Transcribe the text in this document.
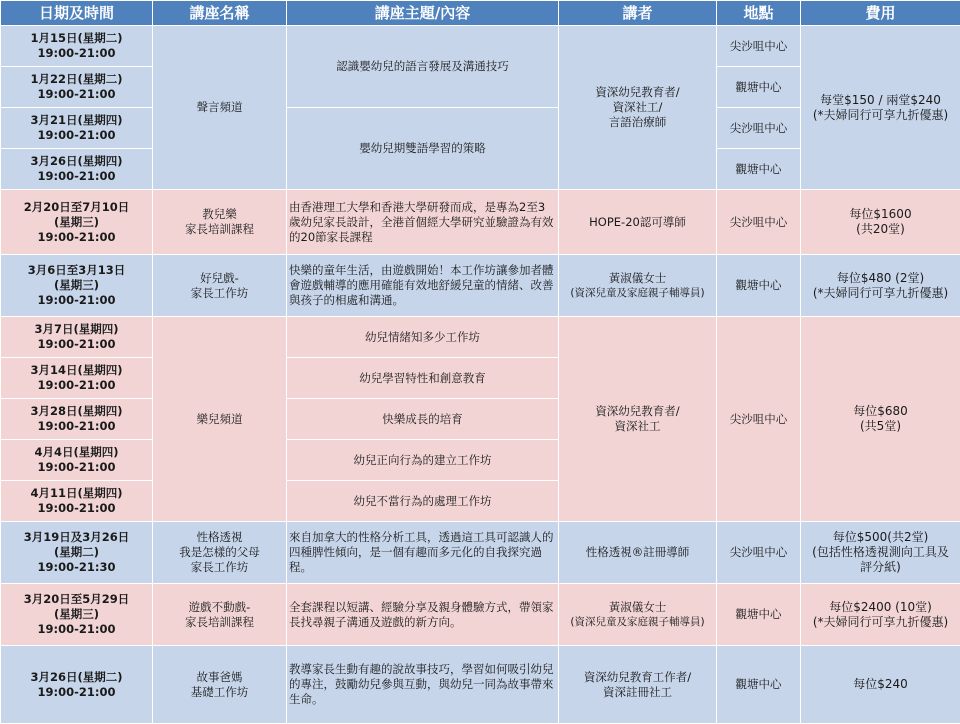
日期及時間	講座名稱	講座主題/內容	講者	地點	費用

1月15日(星期二)
19:00-21:00	聲言頻道	認識嬰幼兒的語言發展及溝通技巧	資深幼兒教育者/
資深社工/
言語治療師	尖沙咀中心	每堂$150 / 兩堂$240
(*夫婦同行可享九折優惠)

1月22日(星期二)
19:00-21:00				觀塘中心	

3月21日(星期四)
19:00-21:00		嬰幼兒期雙語學習的策略		尖沙咀中心	

3月26日(星期四)
19:00-21:00				觀塘中心	

2月20日至7月10日
(星期三)
19:00-21:00	教兒樂
家長培訓課程	由香港理工大學和香港大學研發而成，是專為2至3歲幼兒家長設計，全港首個經大學研究並驗證為有效的20節家長課程	HOPE-20認可導師	尖沙咀中心	每位$1600
(共20堂)

3月6日至3月13日
(星期三)
19:00-21:00	好兒戲-
家長工作坊	快樂的童年生活，由遊戲開始！本工作坊讓參加者體會遊戲輔導的應用確能有效地舒緩兒童的情緒、改善與孩子的相處和溝通。	黃淑儀女士
(資深兒童及家庭親子輔導員)	觀塘中心	每位$480 (2堂)
(*夫婦同行可享九折優惠)

3月7日(星期四)
19:00-21:00	樂兒頻道	幼兒情緒知多少工作坊	資深幼兒教育者/
資深社工	尖沙咀中心	每位$680
(共5堂)

3月14日(星期四)
19:00-21:00		幼兒學習特性和創意教育			

3月28日(星期四)
19:00-21:00		快樂成長的培育			

4月4日(星期四)
19:00-21:00		幼兒正向行為的建立工作坊			

4月11日(星期四)
19:00-21:00		幼兒不當行為的處理工作坊			

3月19日及3月26日
(星期二)
19:00-21:30	性格透視
我是怎樣的父母
家長工作坊	來自加拿大的性格分析工具，透過這工具可認識人的四種脾性傾向，是一個有趣而多元化的自我探究過程。	性格透視®註冊導師	尖沙咀中心	每位$500(共2堂)
(包括性格透視測向工具及
評分紙)

3月20日至5月29日
(星期三)
19:00-21:00	遊戲不動戲-
家長培訓課程	全套課程以短講、經驗分享及親身體驗方式，帶領家長找尋親子溝通及遊戲的新方向。	黃淑儀女士
(資深兒童及家庭親子輔導員)	觀塘中心	每位$2400 (10堂)
(*夫婦同行可享九折優惠)

3月26日(星期二)
19:00-21:00	故事爸媽
基礎工作坊	教導家長生動有趣的說故事技巧，學習如何吸引幼兒的專注，鼓勵幼兒參與互動，與幼兒一同為故事帶來生命。	資深幼兒教育工作者/
資深註冊社工	觀塘中心	每位$240
